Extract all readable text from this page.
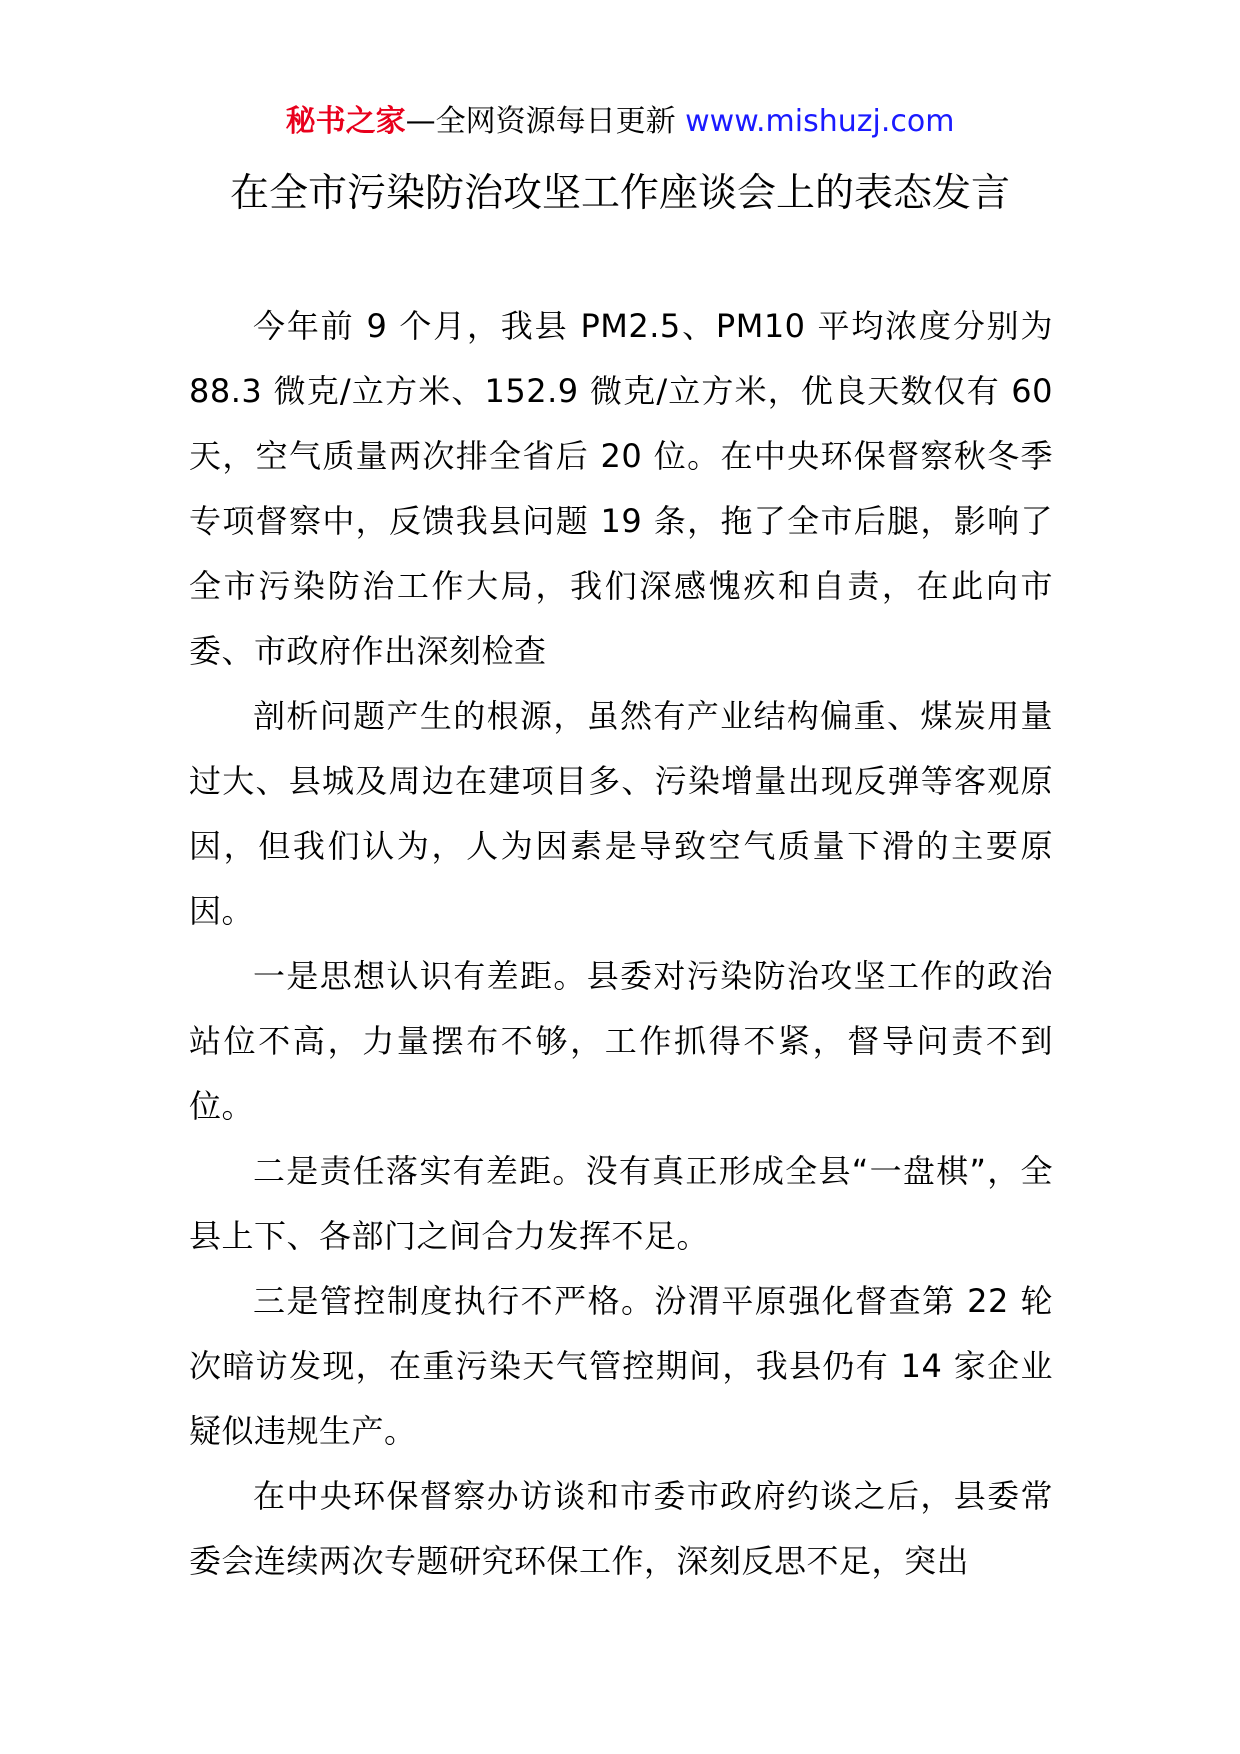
秘书之家—全网资源每日更新 www.mishuzj.com
在全市污染防治攻坚工作座谈会上的表态发言

今年前 9 个月，我县 PM2.5、PM10 平均浓度分别为 88.3 微克/立方米、152.9 微克/立方米，优良天数仅有 60 天，空气质量两次排全省后 20 位。在中央环保督察秋冬季专项督察中，反馈我县问题 19 条，拖了全市后腿，影响了全市污染防治工作大局，我们深感愧疚和自责，在此向市委、市政府作出深刻检查

剖析问题产生的根源，虽然有产业结构偏重、煤炭用量过大、县城及周边在建项目多、污染增量出现反弹等客观原因，但我们认为，人为因素是导致空气质量下滑的主要原因。

一是思想认识有差距。县委对污染防治攻坚工作的政治站位不高，力量摆布不够，工作抓得不紧，督导问责不到位。

二是责任落实有差距。没有真正形成全县“一盘棋”，全县上下、各部门之间合力发挥不足。

三是管控制度执行不严格。汾渭平原强化督查第 22 轮次暗访发现，在重污染天气管控期间，我县仍有 14 家企业疑似违规生产。

在中央环保督察办访谈和市委市政府约谈之后，县委常委会连续两次专题研究环保工作，深刻反思不足，突出
